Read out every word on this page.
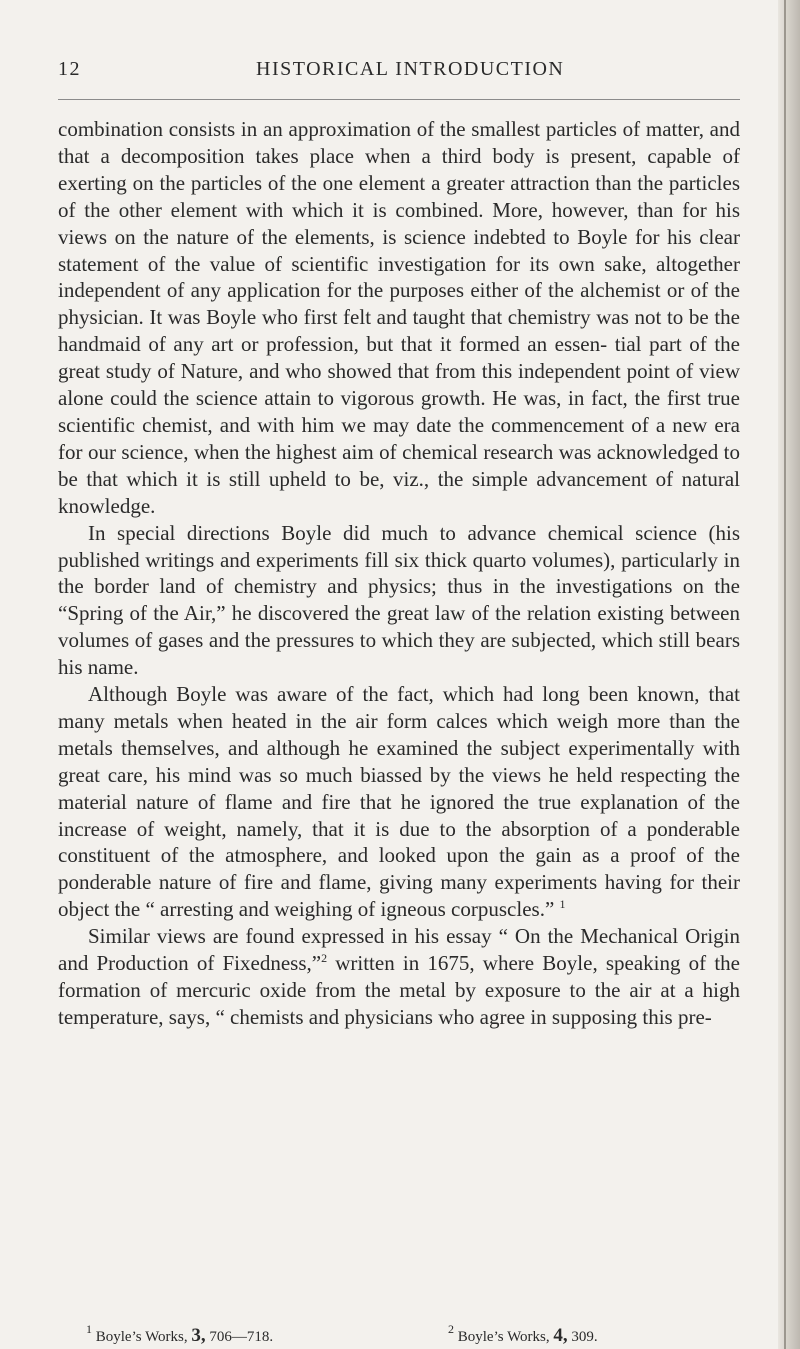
12	HISTORICAL INTRODUCTION

combination consists in an approximation of the smallest particles of matter, and that a decomposition takes place when a third body is present, capable of exerting on the particles of the one element a greater attraction than the particles of the other element with which it is combined. More, however, than for his views on the nature of the elements, is science indebted to Boyle for his clear statement of the value of scientific investigation for its own sake, altogether independent of any application for the purposes either of the alchemist or of the physician. It was Boyle who first felt and taught that chemistry was not to be the handmaid of any art or profession, but that it formed an essen- tial part of the great study of Nature, and who showed that from this independent point of view alone could the science attain to vigorous growth. He was, in fact, the first true scientific chemist, and with him we may date the commencement of a new era for our science, when the highest aim of chemical research was acknowledged to be that which it is still upheld to be, viz., the simple advancement of natural knowledge.

In special directions Boyle did much to advance chemical science (his published writings and experiments fill six thick quarto volumes), particularly in the border land of chemistry and physics; thus in the investigations on the “Spring of the Air,” he discovered the great law of the relation existing between volumes of gases and the pressures to which they are subjected, which still bears his name.

Although Boyle was aware of the fact, which had long been known, that many metals when heated in the air form calces which weigh more than the metals themselves, and although he examined the subject experimentally with great care, his mind was so much biassed by the views he held respecting the material nature of flame and fire that he ignored the true explanation of the increase of weight, namely, that it is due to the absorption of a ponderable constituent of the atmosphere, and looked upon the gain as a proof of the ponderable nature of fire and flame, giving many experiments having for their object the “ arresting and weighing of igneous corpuscles.” $^1$

Similar views are found expressed in his essay “ On the Mechanical Origin and Production of Fixedness,”$^2$ written in 1675, where Boyle, speaking of the formation of mercuric oxide from the metal by exposure to the air at a high temperature, says, “ chemists and physicians who agree in supposing this pre-

$^1$ Boyle’s Works, 3, 706—718.	$^2$ Boyle’s Works, 4, 309.
